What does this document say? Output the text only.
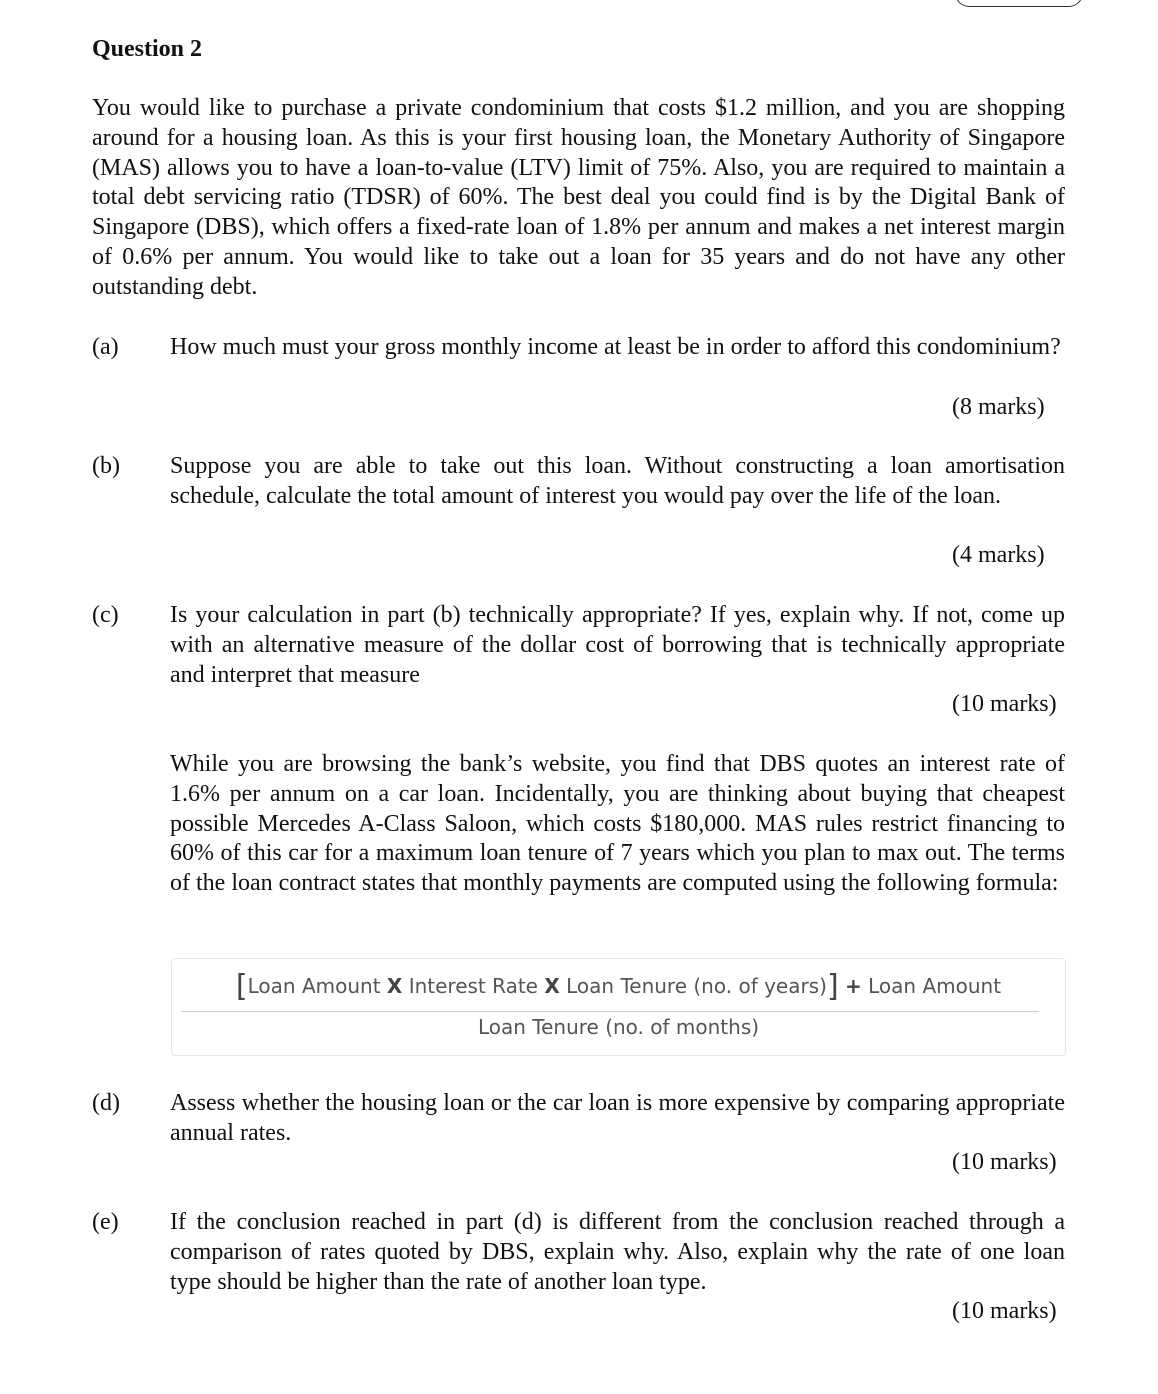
Question 2

You would like to purchase a private condominium that costs $1.2 million, and you are shopping around for a housing loan. As this is your first housing loan, the Monetary Authority of Singapore (MAS) allows you to have a loan-to-value (LTV) limit of 75%. Also, you are required to maintain a total debt servicing ratio (TDSR) of 60%. The best deal you could find is by the Digital Bank of Singapore (DBS), which offers a fixed-rate loan of 1.8% per annum and makes a net interest margin of 0.6% per annum. You would like to take out a loan for 35 years and do not have any other outstanding debt.

(a) How much must your gross monthly income at least be in order to afford this condominium?

(8 marks)

(b) Suppose you are able to take out this loan. Without constructing a loan amortisation schedule, calculate the total amount of interest you would pay over the life of the loan.

(4 marks)

(c) Is your calculation in part (b) technically appropriate? If yes, explain why. If not, come up with an alternative measure of the dollar cost of borrowing that is technically appropriate and interpret that measure

(10 marks)

While you are browsing the bank’s website, you find that DBS quotes an interest rate of 1.6% per annum on a car loan. Incidentally, you are thinking about buying that cheapest possible Mercedes A-Class Saloon, which costs $180,000. MAS rules restrict financing to 60% of this car for a maximum loan tenure of 7 years which you plan to max out. The terms of the loan contract states that monthly payments are computed using the following formula:

[Loan Amount X Interest Rate X Loan Tenure (no. of years)] + Loan Amount
Loan Tenure (no. of months)

(d) Assess whether the housing loan or the car loan is more expensive by comparing appropriate annual rates.

(10 marks)

(e) If the conclusion reached in part (d) is different from the conclusion reached through a comparison of rates quoted by DBS, explain why. Also, explain why the rate of one loan type should be higher than the rate of another loan type.

(10 marks)
